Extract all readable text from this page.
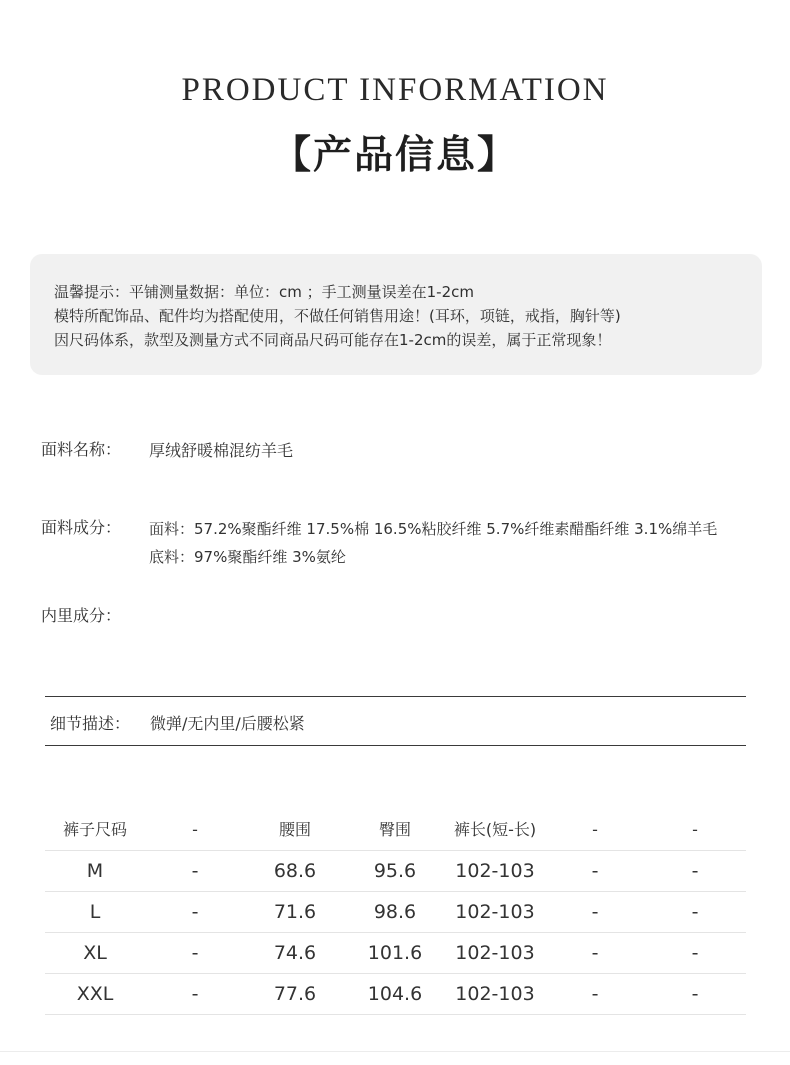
PRODUCT INFORMATION
【产品信息】
温馨提示：平铺测量数据：单位：cm ；手工测量误差在1-2cm
模特所配饰品、配件均为搭配使用，不做任何销售用途！(耳环，项链，戒指，胸针等)
因尺码体系，款型及测量方式不同商品尺码可能存在1-2cm的误差，属于正常现象！
面料名称： 厚绒舒暖棉混纺羊毛
面料成分： 面料：57.2%聚酯纤维 17.5%棉 16.5%粘胶纤维 5.7%纤维素醋酯纤维 3.1%绵羊毛
底料：97%聚酯纤维 3%氨纶
内里成分：
细节描述： 微弹/无内里/后腰松紧
裤子尺码	-	腰围	臀围	裤长(短-长)	-	-
M	-	68.6	95.6	102-103	-	-
L	-	71.6	98.6	102-103	-	-
XL	-	74.6	101.6	102-103	-	-
XXL	-	77.6	104.6	102-103	-	-
